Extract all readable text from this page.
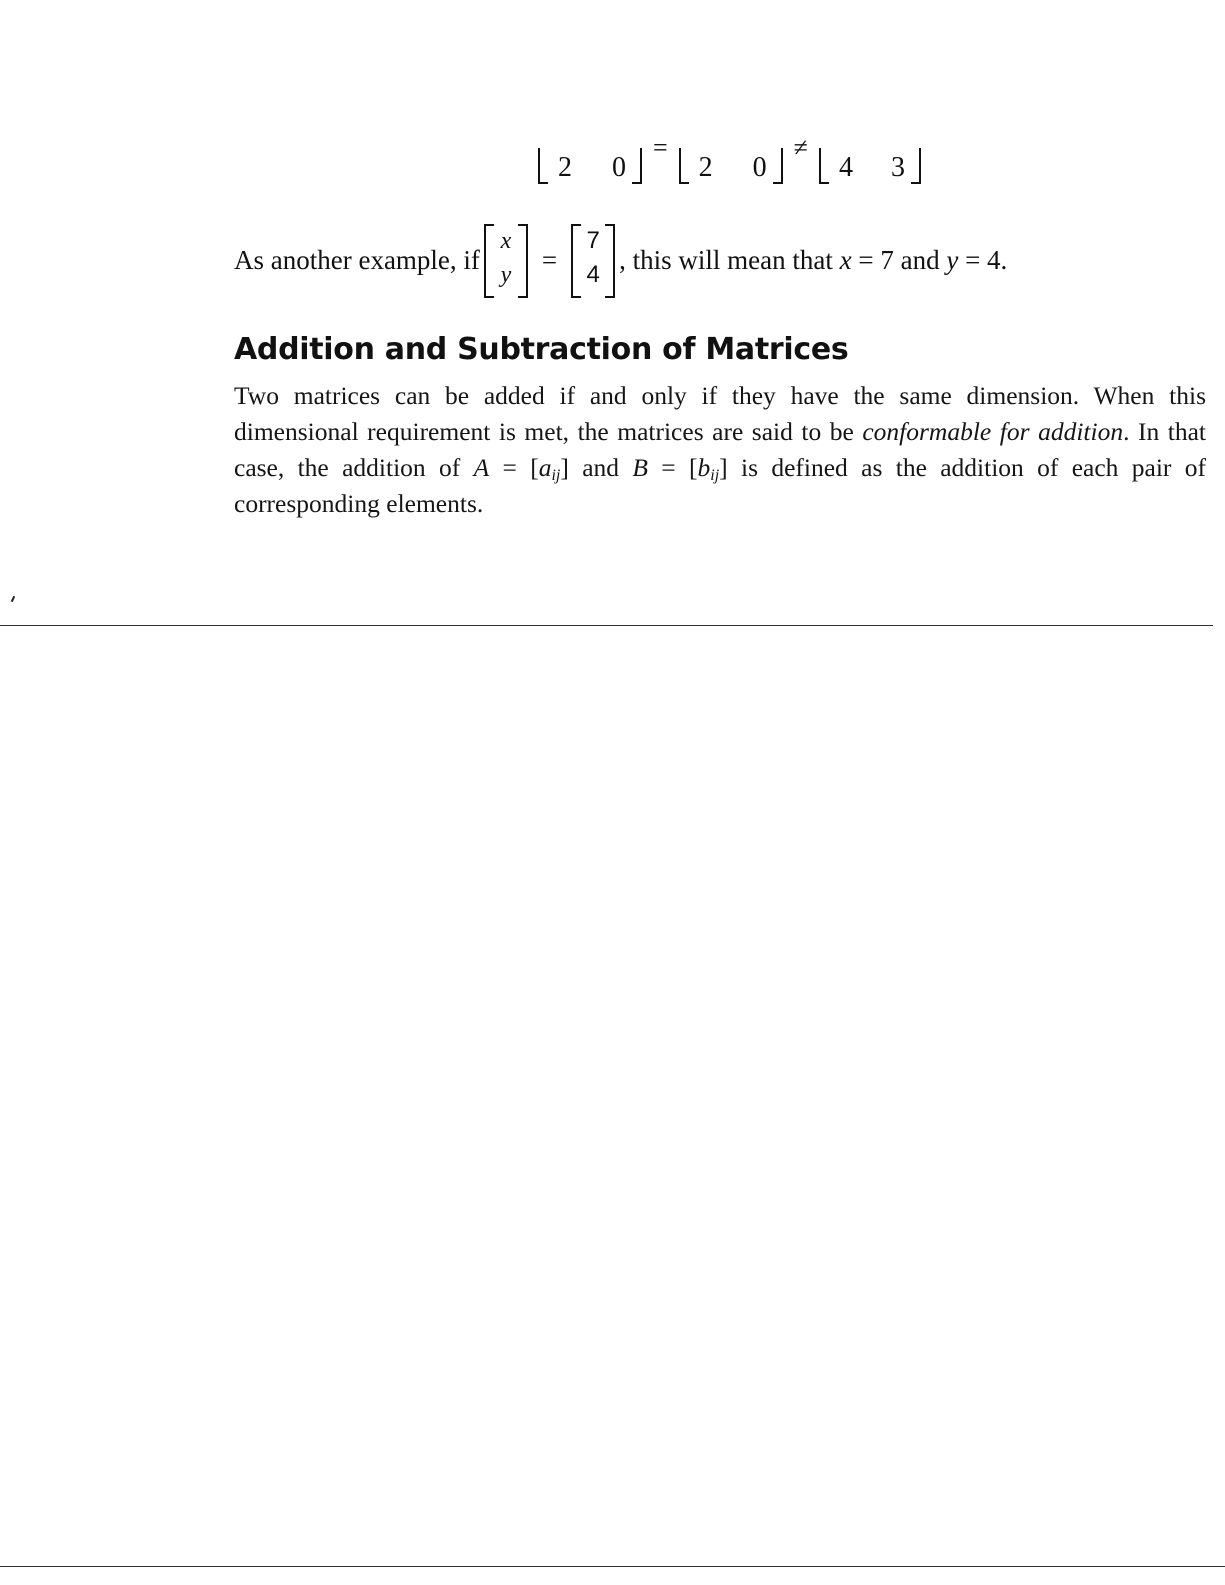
2 0
=
2 0
≠
4 3
As another example, if
x
y
=
7
4 , this will mean that x = 7 and y = 4.
Addition and Subtraction of Matrices

Two matrices can be added if and only if they have the same dimension. When this dimensional requirement is met, the matrices are said to be conformable for addition. In that case, the addition of $A = [a_{ij}]$ and $B = [b_{ij}]$ is defined as the addition of each pair of corresponding elements.
